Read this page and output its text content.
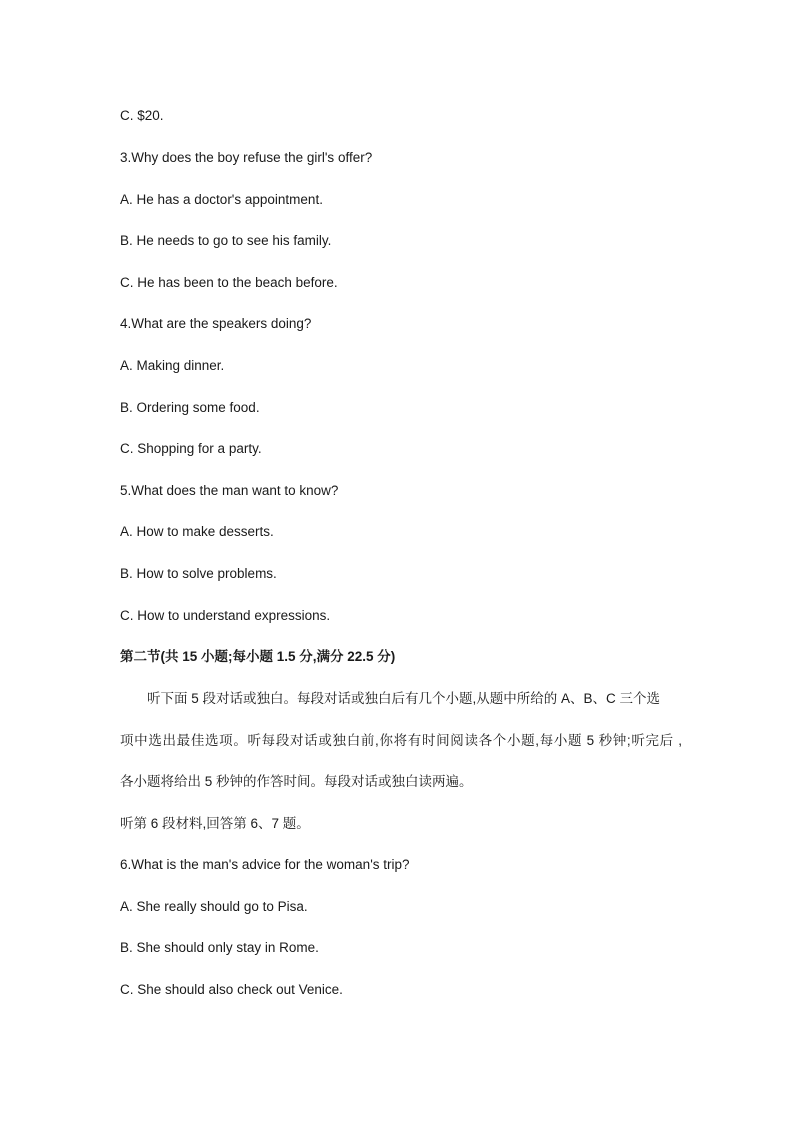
C. $20.
3.Why does the boy refuse the girl's offer?
A. He has a doctor's appointment.
B. He needs to go to see his family.
C. He has been to the beach before.
4.What are the speakers doing?
A. Making dinner.
B. Ordering some food.
C. Shopping for a party.
5.What does the man want to know?
A. How to make desserts.
B. How to solve problems.
C. How to understand expressions.
第二节(共 15 小题;每小题 1.5 分,满分 22.5 分)
听下面 5 段对话或独白。每段对话或独白后有几个小题,从题中所给的 A、B、C 三个选
项中选出最佳选项。听每段对话或独白前,你将有时间阅读各个小题,每小题 5 秒钟;听完后 ,
各小题将给出 5 秒钟的作答时间。每段对话或独白读两遍。
听第 6 段材料,回答第 6、7 题。
6.What is the man's advice for the woman's trip?
A. She really should go to Pisa.
B. She should only stay in Rome.
C. She should also check out Venice.
